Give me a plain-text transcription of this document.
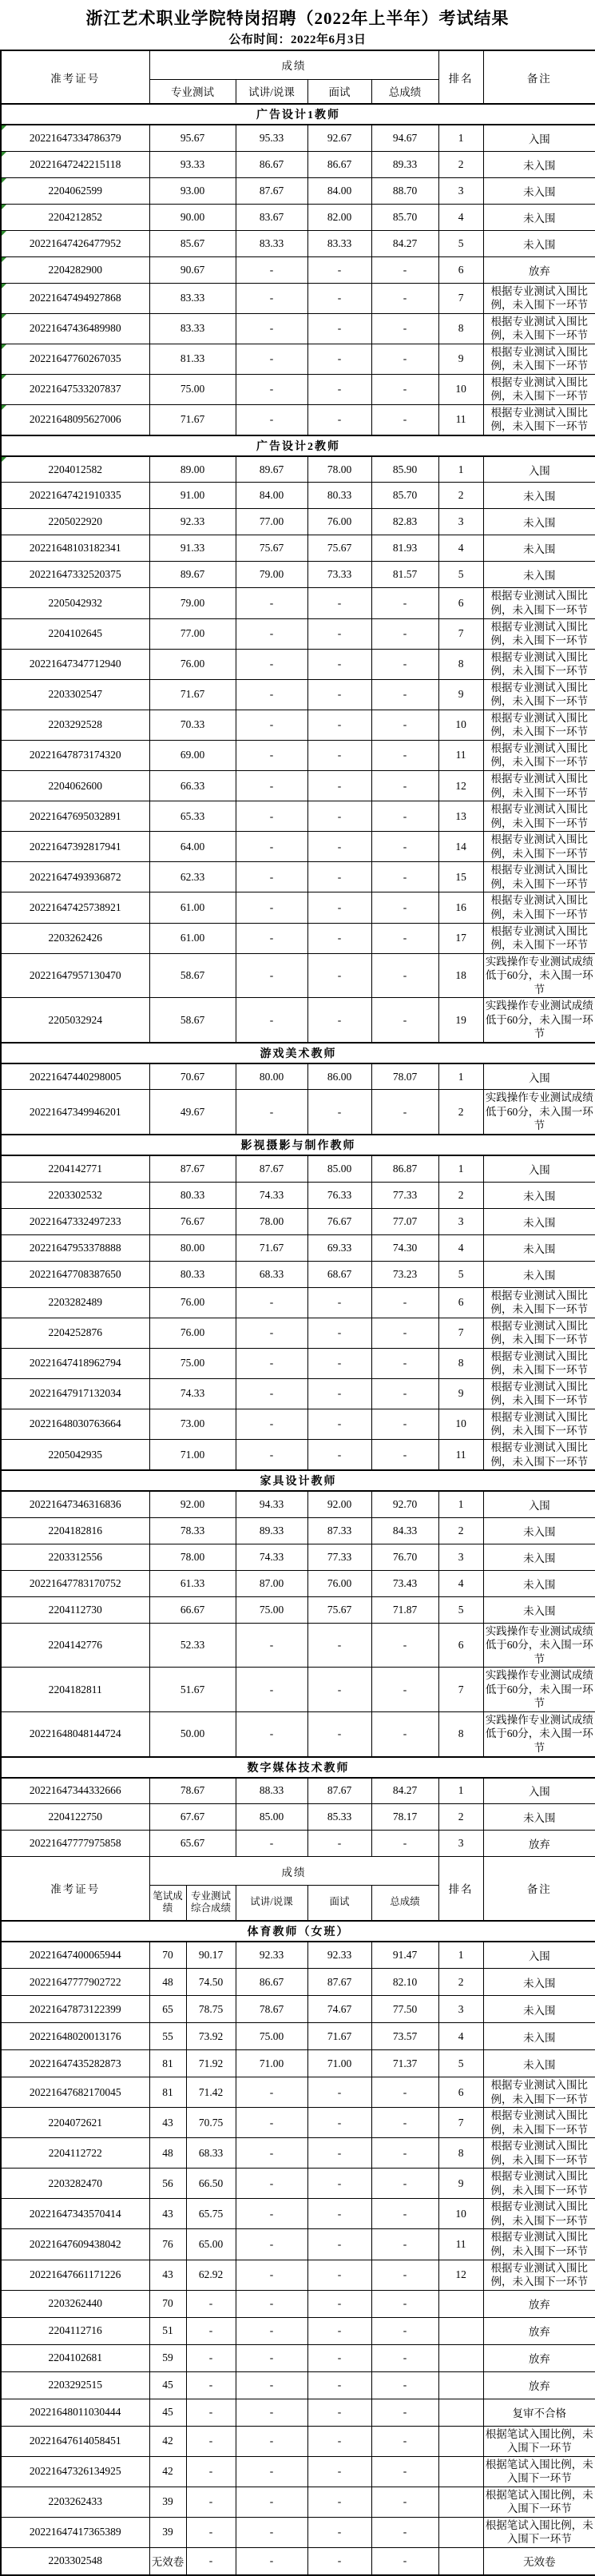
浙江艺术职业学院特岗招聘（2022年上半年）考试结果
公布时间：2022年6月3日
准考证号	成绩					排名	备注
	专业测试		试讲/说课	面试	总成绩		
广告设计1教师							

20221647334786379	95.67		95.33	92.67	94.67	1	入围

20221647242215118	93.33		86.67	86.67	89.33	2	未入围

2204062599	93.00		87.67	84.00	88.70	3	未入围

2204212852	90.00		83.67	82.00	85.70	4	未入围

20221647426477952	85.67		83.33	83.33	84.27	5	未入围

2204282900	90.67		-	-	-	6	放弃

20221647494927868	83.33		-	-	-	7	根据专业测试入围比例，未入围下一环节

20221647436489980	83.33		-	-	-	8	根据专业测试入围比例，未入围下一环节

20221647760267035	81.33		-	-	-	9	根据专业测试入围比例，未入围下一环节

20221647533207837	75.00		-	-	-	10	根据专业测试入围比例，未入围下一环节

20221648095627006	71.67		-	-	-	11	根据专业测试入围比例，未入围下一环节
广告设计2教师							

2204012582	89.00		89.67	78.00	85.90	1	入围
20221647421910335	91.00		84.00	80.33	85.70	2	未入围
2205022920	92.33		77.00	76.00	82.83	3	未入围
20221648103182341	91.33		75.67	75.67	81.93	4	未入围
20221647332520375	89.67		79.00	73.33	81.57	5	未入围
2205042932	79.00		-	-	-	6	根据专业测试入围比例，未入围下一环节
2204102645	77.00		-	-	-	7	根据专业测试入围比例，未入围下一环节
20221647347712940	76.00		-	-	-	8	根据专业测试入围比例，未入围下一环节
2203302547	71.67		-	-	-	9	根据专业测试入围比例，未入围下一环节
2203292528	70.33		-	-	-	10	根据专业测试入围比例，未入围下一环节
20221647873174320	69.00		-	-	-	11	根据专业测试入围比例，未入围下一环节
2204062600	66.33		-	-	-	12	根据专业测试入围比例，未入围下一环节
20221647695032891	65.33		-	-	-	13	根据专业测试入围比例，未入围下一环节
20221647392817941	64.00		-	-	-	14	根据专业测试入围比例，未入围下一环节
20221647493936872	62.33		-	-	-	15	根据专业测试入围比例，未入围下一环节
20221647425738921	61.00		-	-	-	16	根据专业测试入围比例，未入围下一环节
2203262426	61.00		-	-	-	17	根据专业测试入围比例，未入围下一环节
20221647957130470	58.67		-	-	-	18	实践操作专业测试成绩低于60分，未入围一环节
2205032924	58.67		-	-	-	19	实践操作专业测试成绩低于60分，未入围一环节
游戏美术教师							
20221647440298005	70.67		80.00	86.00	78.07	1	入围
20221647349946201	49.67		-	-	-	2	实践操作专业测试成绩低于60分，未入围一环节
影视摄影与制作教师							
2204142771	87.67		87.67	85.00	86.87	1	入围
2203302532	80.33		74.33	76.33	77.33	2	未入围
20221647332497233	76.67		78.00	76.67	77.07	3	未入围
20221647953378888	80.00		71.67	69.33	74.30	4	未入围
20221647708387650	80.33		68.33	68.67	73.23	5	未入围
2203282489	76.00		-	-	-	6	根据专业测试入围比例，未入围下一环节
2204252876	76.00		-	-	-	7	根据专业测试入围比例，未入围下一环节
20221647418962794	75.00		-	-	-	8	根据专业测试入围比例，未入围下一环节
20221647917132034	74.33		-	-	-	9	根据专业测试入围比例，未入围下一环节
20221648030763664	73.00		-	-	-	10	根据专业测试入围比例，未入围下一环节
2205042935	71.00		-	-	-	11	根据专业测试入围比例，未入围下一环节
家具设计教师							
20221647346316836	92.00		94.33	92.00	92.70	1	入围
2204182816	78.33		89.33	87.33	84.33	2	未入围
2203312556	78.00		74.33	77.33	76.70	3	未入围
20221647783170752	61.33		87.00	76.00	73.43	4	未入围
2204112730	66.67		75.00	75.67	71.87	5	未入围
2204142776	52.33		-	-	-	6	实践操作专业测试成绩低于60分，未入围一环节
2204182811	51.67		-	-	-	7	实践操作专业测试成绩低于60分，未入围一环节
20221648048144724	50.00		-	-	-	8	实践操作专业测试成绩低于60分，未入围一环节
数字媒体技术教师							
20221647344332666	78.67		88.33	87.67	84.27	1	入围
2204122750	67.67		85.00	85.33	78.17	2	未入围
20221647777975858	65.67		-	-	-	3	放弃
准考证号	成绩					排名	备注
	笔试成绩	专业测试综合成绩	试讲/说课	面试	总成绩		
体育教师（女班）							
20221647400065944	70	90.17	92.33	92.33	91.47	1	入围
20221647777902722	48	74.50	86.67	87.67	82.10	2	未入围
20221647873122399	65	78.75	78.67	74.67	77.50	3	未入围
20221648020013176	55	73.92	75.00	71.67	73.57	4	未入围
20221647435282873	81	71.92	71.00	71.00	71.37	5	未入围
20221647682170045	81	71.42	-	-	-	6	根据专业测试入围比例，未入围下一环节
2204072621	43	70.75	-	-	-	7	根据专业测试入围比例，未入围下一环节
2204112722	48	68.33	-	-	-	8	根据专业测试入围比例，未入围下一环节
2203282470	56	66.50	-	-	-	9	根据专业测试入围比例，未入围下一环节
20221647343570414	43	65.75	-	-	-	10	根据专业测试入围比例，未入围下一环节
20221647609438042	76	65.00	-	-	-	11	根据专业测试入围比例，未入围下一环节
20221647661171226	43	62.92	-	-	-	12	根据专业测试入围比例，未入围下一环节
2203262440	70	-	-	-	-		放弃
2204112716	51	-	-	-	-		放弃
2204102681	59	-	-	-	-		放弃
2203292515	45	-	-	-	-		放弃
20221648011030444	45	-	-	-	-		复审不合格
20221647614058451	42	-	-	-	-		根据笔试入围比例，未入围下一环节
20221647326134925	42	-	-	-	-		根据笔试入围比例，未入围下一环节
2203262433	39	-	-	-	-		根据笔试入围比例，未入围下一环节
20221647417365389	39	-	-	-	-		根据笔试入围比例，未入围下一环节
2203302548	无效卷	-	-	-	-		无效卷
